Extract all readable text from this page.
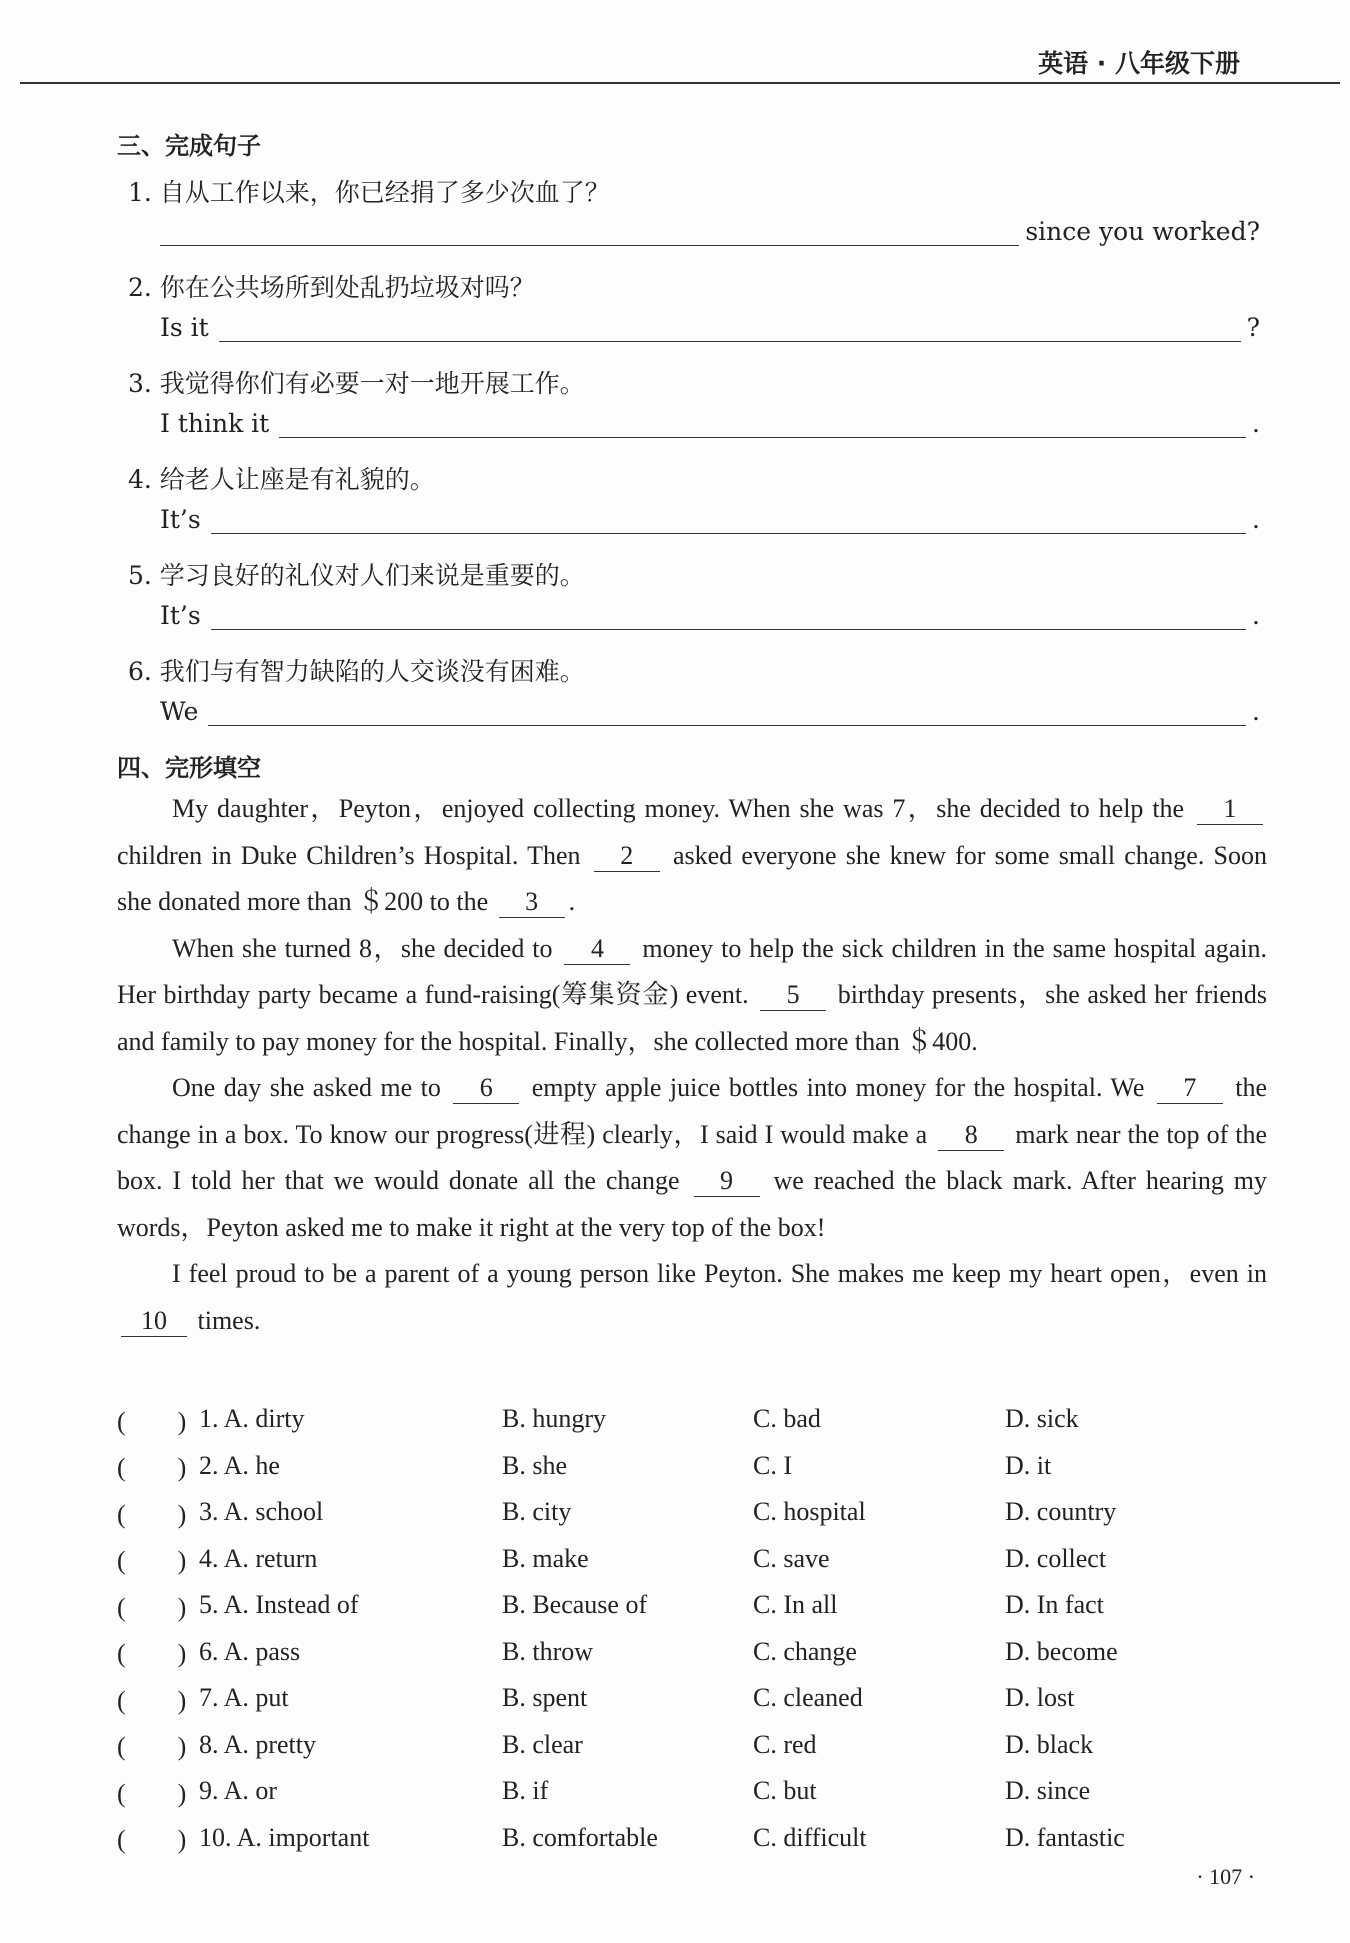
英语 · 八年级下册
三、完成句子
1. 自从工作以来，你已经捐了多少次血了？
since you worked?
2. 你在公共场所到处乱扔垃圾对吗？
Is it	?
3. 我觉得你们有必要一对一地开展工作。
I think it	.
4. 给老人让座是有礼貌的。
It’s	.
5. 学习良好的礼仪对人们来说是重要的。
It’s	.
6. 我们与有智力缺陷的人交谈没有困难。
We	.
四、完形填空

My daughter，Peyton，enjoyed collecting money. When she was 7，she decided to help the 1 children in Duke Children’s Hospital. Then 2 asked everyone she knew for some small change. Soon she donated more than ＄200 to the 3 .

When she turned 8，she decided to 4 money to help the sick children in the same hospital again. Her birthday party became a fund-raising(筹集资金) event. 5 birthday presents，she asked her friends and family to pay money for the hospital. Finally，she collected more than ＄400.

One day she asked me to 6 empty apple juice bottles into money for the hospital. We 7 the change in a box. To know our progress(进程) clearly，I said I would make a 8 mark near the top of the box. I told her that we would donate all the change 9 we reached the black mark. After hearing my words，Peyton asked me to make it right at the very top of the box!

I feel proud to be a parent of a young person like Peyton. She makes me keep my heart open，even in 10 times.

(　　) 1. A. dirty	B. hungry	C. bad	D. sick
(　　) 2. A. he	B. she	C. I	D. it
(　　) 3. A. school	B. city	C. hospital	D. country
(　　) 4. A. return	B. make	C. save	D. collect
(　　) 5. A. Instead of	B. Because of	C. In all	D. In fact
(　　) 6. A. pass	B. throw	C. change	D. become
(　　) 7. A. put	B. spent	C. cleaned	D. lost
(　　) 8. A. pretty	B. clear	C. red	D. black
(　　) 9. A. or	B. if	C. but	D. since
(　　) 10. A. important	B. comfortable	C. difficult	D. fantastic
· 107 ·
